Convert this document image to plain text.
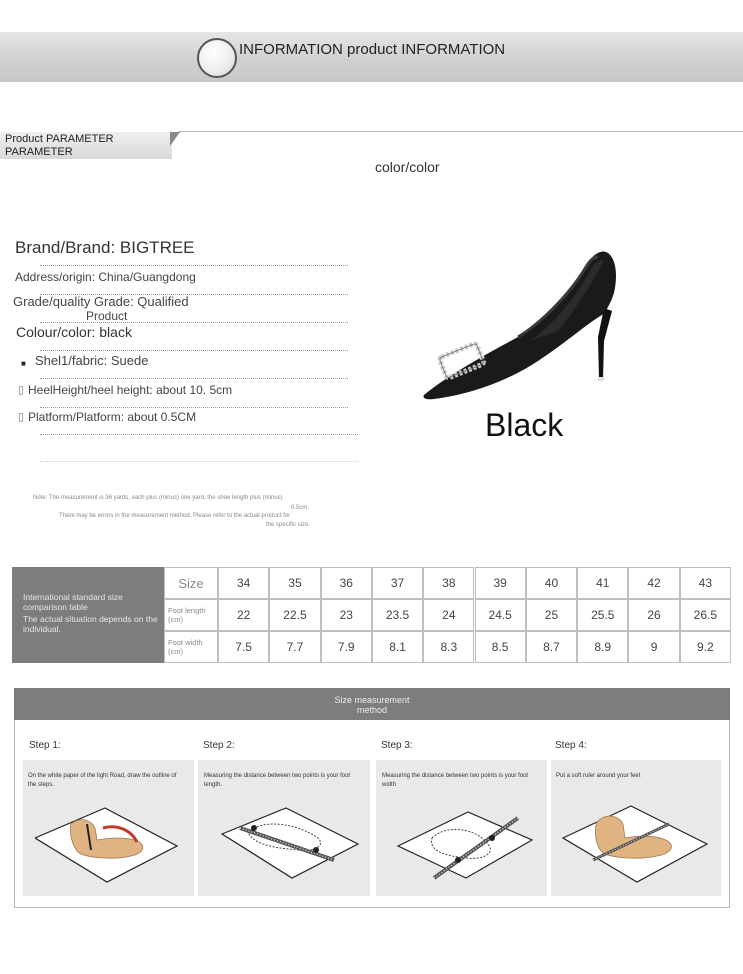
INFORMATION product INFORMATION
Product PARAMETER
PARAMETER
color/color
Brand/Brand: BIGTREE
Address/origin: China/Guangdong
Grade/quality Grade: Qualified
Product
Colour/color: black
■ Shel1/fabric: Suede
▯ HeelHeight/heel height: about 10. 5cm
▯ Platform/Platform: about 0.5CM	Black
Note: The measurement is 36 yards, each plus (minus) one yard, the shoe length plus (minus)
0.5cm.
There may be errors in the measurement method. Please refer to the actual product for
the specific size.
International standard size comparison table
The actual situation depends on the individual.
Size	34	35	36	37	38	39	40	41	42	43
Foot length (cm)	22	22.5	23	23.5	24	24.5	25	25.5	26	26.5
Foot width (cm)	7.5	7.7	7.9	8.1	8.3	8.5	8.7	8.9	9	9.2
Size measurement method
Step 1:	Step 2:	Step 3:	Step 4:
On the white paper of the light Road, draw the outline of the steps.
Measuring the distance between two points is your foot length.
Measuring the distance between two points is your foot width
Put a soft ruler around your feet
